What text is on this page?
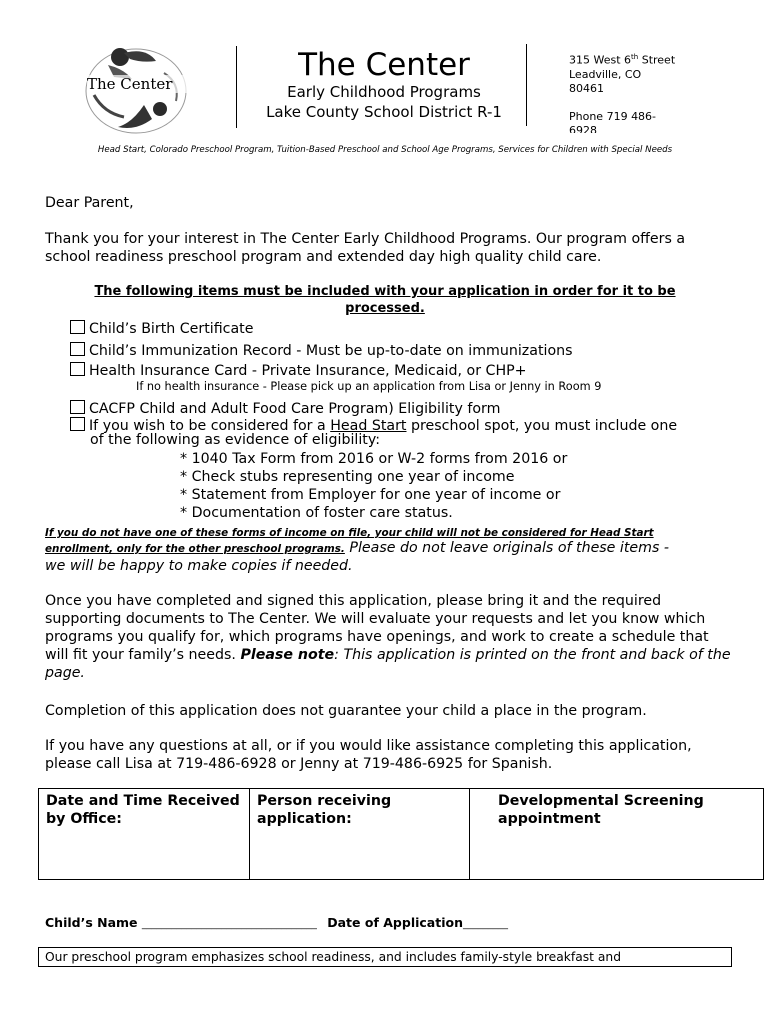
The Center
The Center
Early Childhood Programs
Lake County School District R-1
315 West 6th Street
Leadville, CO 80461
Phone 719 486-6928
Head Start, Colorado Preschool Program, Tuition-Based Preschool and School Age Programs, Services for Children with Special Needs
Dear Parent,
Thank you for your interest in The Center Early Childhood Programs. Our program offers a school readiness preschool program and extended day high quality child care.
The following items must be included with your application in order for it to be processed.
Child’s Birth Certificate
Child’s Immunization Record - Must be up-to-date on immunizations
Health Insurance Card - Private Insurance, Medicaid, or CHP+
If no health insurance - Please pick up an application from Lisa or Jenny in Room 9
CACFP Child and Adult Food Care Program) Eligibility form
If you wish to be considered for a Head Start preschool spot, you must include one
of the following as evidence of eligibility:
* 1040 Tax Form from 2016 or W-2 forms from 2016 or
* Check stubs representing one year of income
* Statement from Employer for one year of income or
* Documentation of foster care status.
If you do not have one of these forms of income on file, your child will not be considered for Head Start
enrollment, only for the other preschool programs. Please do not leave originals of these items -
we will be happy to make copies if needed.
Once you have completed and signed this application, please bring it and the required supporting documents to The Center. We will evaluate your requests and let you know which programs you qualify for, which programs have openings, and work to create a schedule that will fit your family’s needs. Please note: This application is printed on the front and back of the page.
Completion of this application does not guarantee your child a place in the program.
If you have any questions at all, or if you would like assistance completing this application, please call Lisa at 719-486-6928 or Jenny at 719-486-6925 for Spanish.
Date and Time Received by Office:	Person receiving application:	Developmental Screening appointment
Child’s Name ___________________________________ Date of Application_________
Our preschool program emphasizes school readiness, and includes family-style breakfast and
